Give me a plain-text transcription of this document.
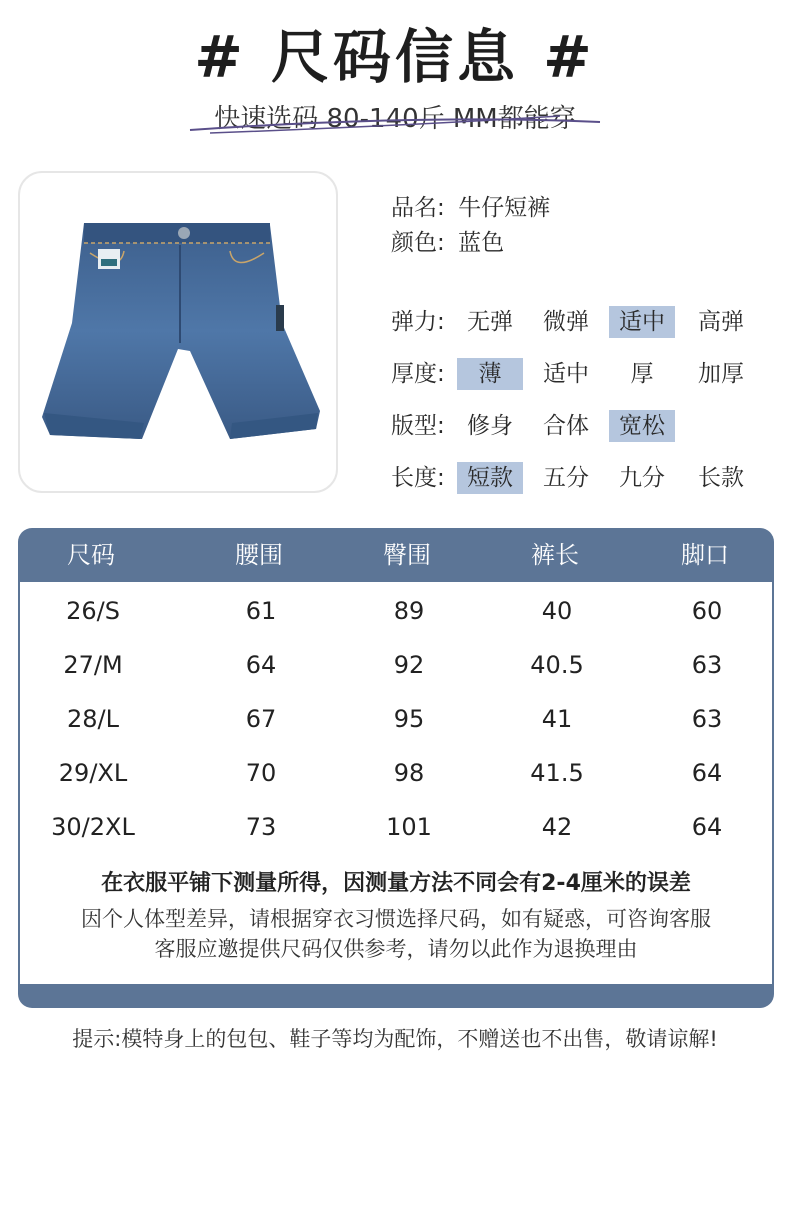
# 尺码信息 #
快速选码 80-140斤 MM都能穿
品名: 牛仔短裤
颜色: 蓝色
弹力: 无弹	微弹	适中	高弹
厚度:	薄	适中	厚	加厚
版型: 修身	合体	宽松
长度: 短款	五分	九分	长款
尺码	腰围	臀围	裤长	脚口
26/S	61	89	40	60
27/M	64	92	40.5	63
28/L	67	95	41	63
29/XL	70	98	41.5	64
30/2XL	73	101	42	64
在衣服平铺下测量所得，因测量方法不同会有2-4厘米的误差
因个人体型差异，请根据穿衣习惯选择尺码，如有疑惑，可咨询客服
客服应邀提供尺码仅供参考，请勿以此作为退换理由
提示:模特身上的包包、鞋子等均为配饰，不赠送也不出售，敬请谅解!
